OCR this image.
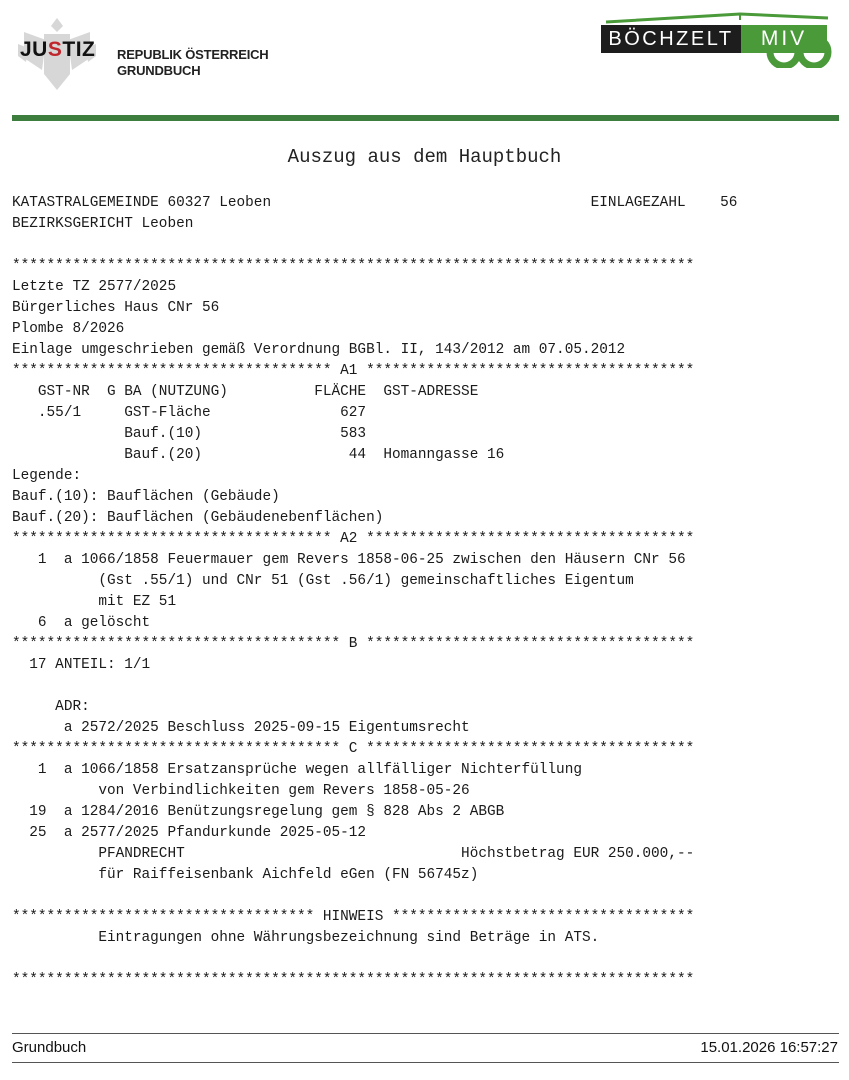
JUSTIZ REPUBLIK ÖSTERREICH
GRUNDBUCH
BÖCHZELT	MIV
Auszug aus dem Hauptbuch
KATASTRALGEMEINDE 60327 Leoben                                     EINLAGEZAHL    56
BEZIRKSGERICHT Leoben
*******************************************************************************
Letzte TZ 2577/2025
Bürgerliches Haus CNr 56
Plombe 8/2026
Einlage umgeschrieben gemäß Verordnung BGBl. II, 143/2012 am 07.05.2012
************************************* A1 **************************************
GST-NR  G BA (NUTZUNG)          FLÄCHE  GST-ADRESSE
.55/1     GST-Fläche               627
Bauf.(10)                583
Bauf.(20)                 44  Homanngasse 16
Legende:
Bauf.(10): Bauflächen (Gebäude)
Bauf.(20): Bauflächen (Gebäudenebenflächen)
************************************* A2 **************************************
1  a 1066/1858 Feuermauer gem Revers 1858-06-25 zwischen den Häusern CNr 56
(Gst .55/1) und CNr 51 (Gst .56/1) gemeinschaftliches Eigentum
mit EZ 51
6  a gelöscht
************************************** B **************************************
17 ANTEIL: 1/1
ADR:
a 2572/2025 Beschluss 2025-09-15 Eigentumsrecht
************************************** C **************************************
1  a 1066/1858 Ersatzansprüche wegen allfälliger Nichterfüllung
von Verbindlichkeiten gem Revers 1858-05-26
19  a 1284/2016 Benützungsregelung gem § 828 Abs 2 ABGB
25  a 2577/2025 Pfandurkunde 2025-05-12
PFANDRECHT                                Höchstbetrag EUR 250.000,--
für Raiffeisenbank Aichfeld eGen (FN 56745z)
*********************************** HINWEIS ***********************************
Eintragungen ohne Währungsbezeichnung sind Beträge in ATS.
*******************************************************************************
Grundbuch	15.01.2026 16:57:27
